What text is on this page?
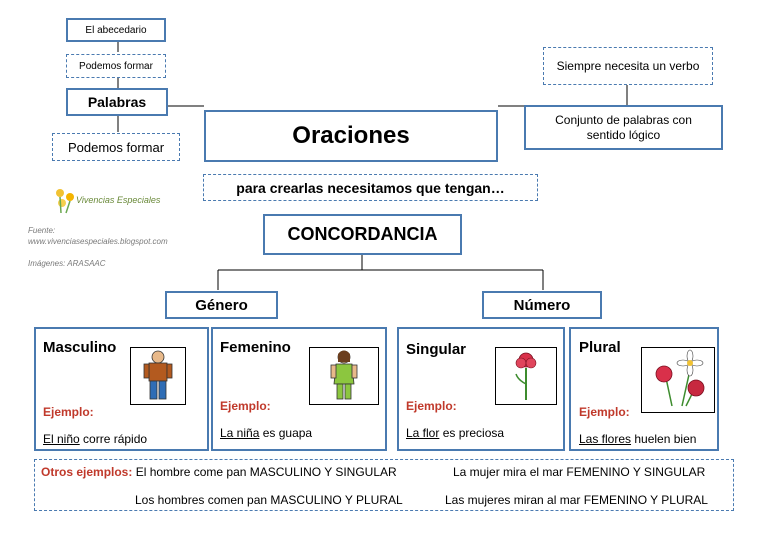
El abecedario
Podemos formar
Palabras
Podemos formar
Siempre necesita un verbo
Conjunto de palabras con sentido lógico
Oraciones
para crearlas necesitamos que tengan…
CONCORDANCIA
Vivencias Especiales
Fuente:
www.vivenciasespeciales.blogspot.com
Imágenes: ARASAAC
Género	Número
Masculino
Ejemplo:
El niño corre rápido
Femenino
Ejemplo:
La niña es guapa
Singular
Ejemplo:
La flor es preciosa
Plural
Ejemplo:
Las flores huelen bien
Otros ejemplos: El hombre come pan MASCULINO Y SINGULAR	La mujer mira el mar FEMENINO Y SINGULAR
Los hombres comen pan MASCULINO Y PLURAL	Las mujeres miran al mar FEMENINO Y PLURAL
